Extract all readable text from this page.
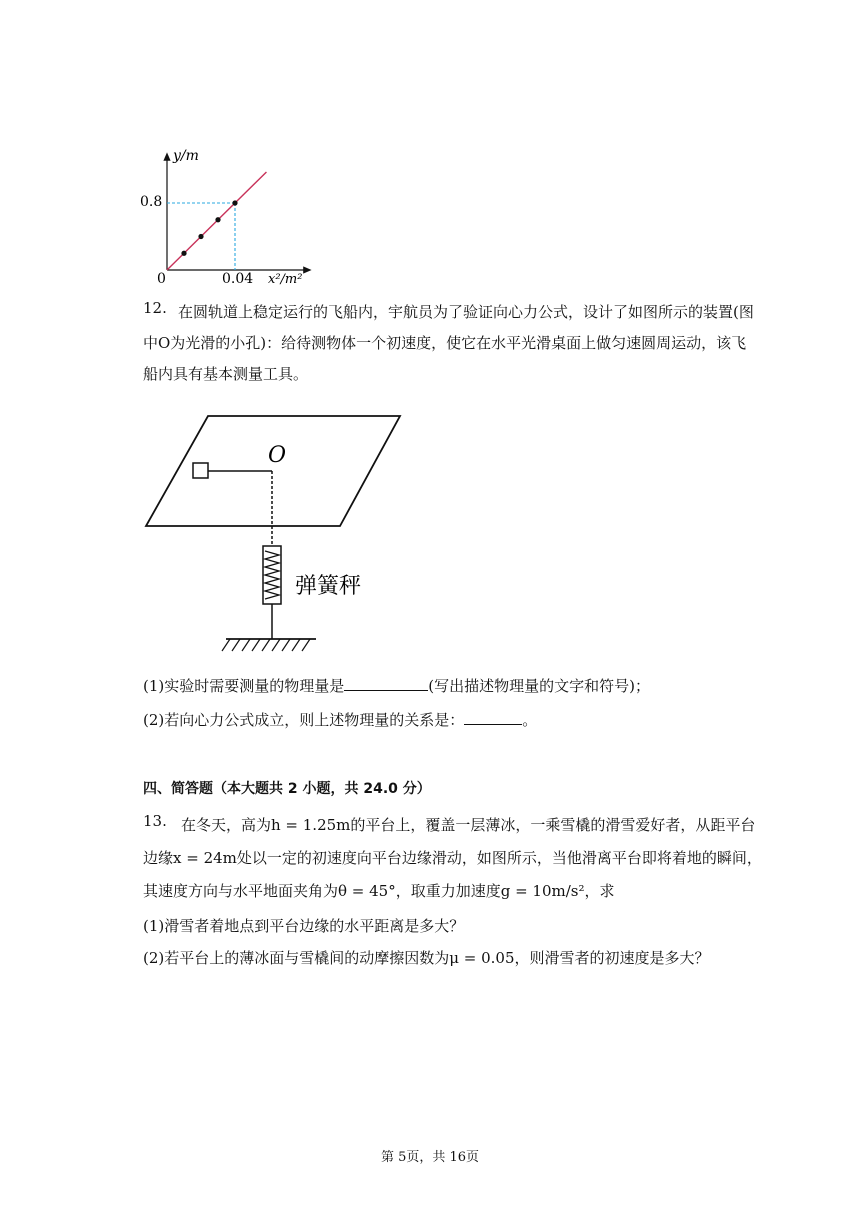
y/m
x²/m²
0
0.8
0.04
12. 在圆轨道上稳定运行的飞船内，宇航员为了验证向心力公式，设计了如图所示的装置(图
中O为光滑的小孔)：给待测物体一个初速度，使它在水平光滑桌面上做匀速圆周运动，该飞
船内具有基本测量工具。
O
弹簧秤
(1)实验时需要测量的物理量是	(写出描述物理量的文字和符号)；
(2)若向心力公式成立，则上述物理量的关系是：	。
四、简答题（本大题共 2 小题，共 24.0 分）
13. 在冬天，高为h = 1.25m的平台上，覆盖一层薄冰，一乘雪橇的滑雪爱好者，从距平台
边缘x = 24m处以一定的初速度向平台边缘滑动，如图所示，当他滑离平台即将着地的瞬间，
其速度方向与水平地面夹角为θ = 45°，取重力加速度g = 10m/s²，求
(1)滑雪者着地点到平台边缘的水平距离是多大？
(2)若平台上的薄冰面与雪橇间的动摩擦因数为μ = 0.05，则滑雪者的初速度是多大？
第 5页，共 16页
